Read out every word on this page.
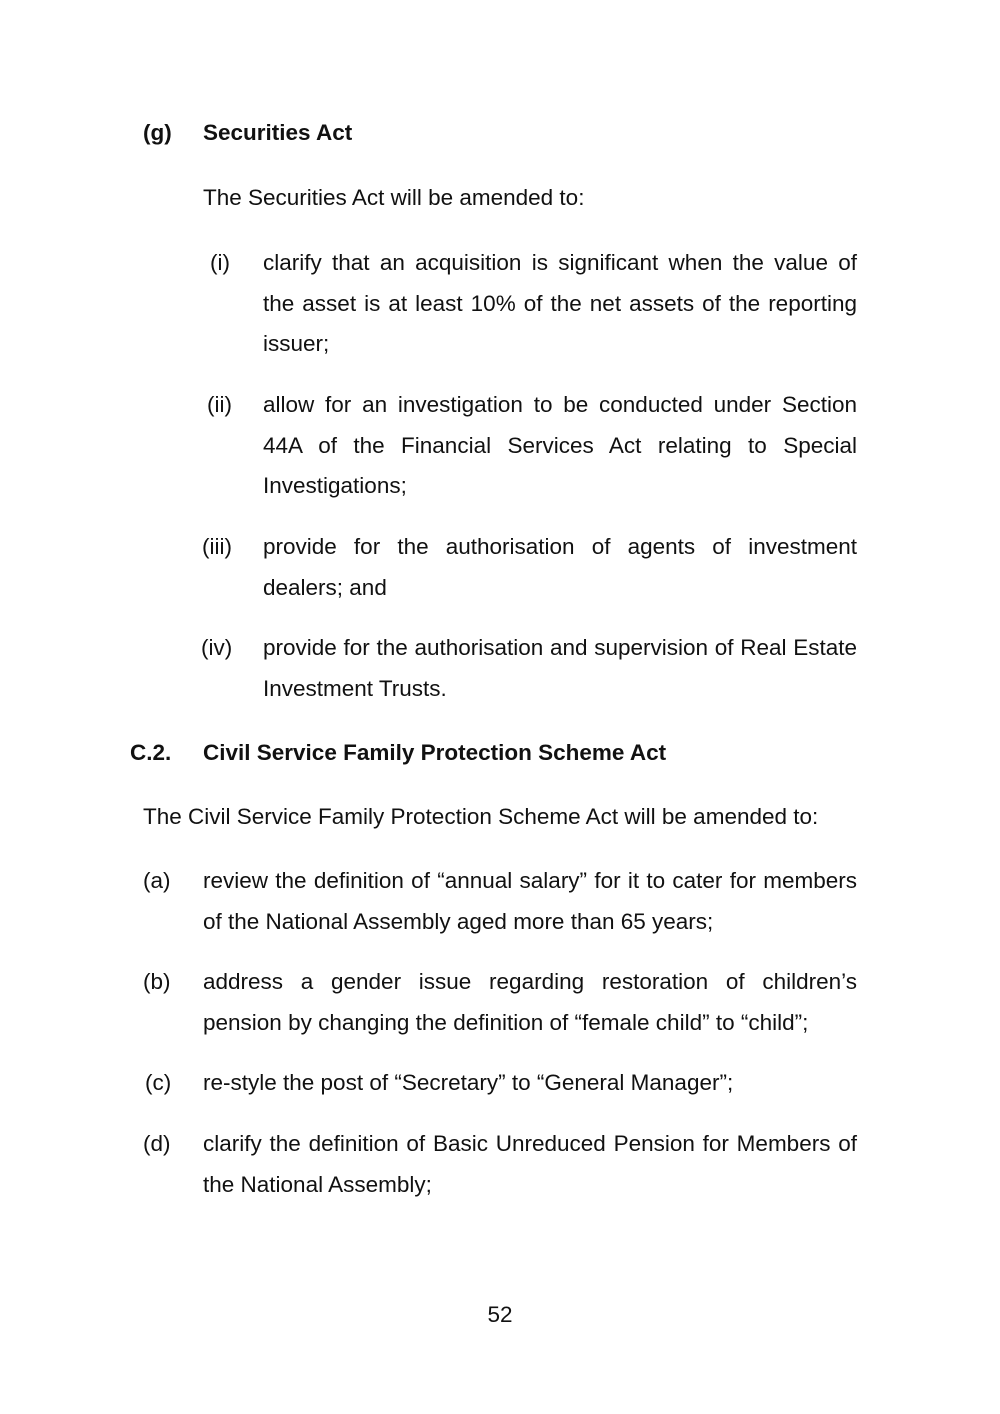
(g) Securities Act
The Securities Act will be amended to:
(i) clarify that an acquisition is significant when the value of the asset is at least 10% of the net assets of the reporting issuer;
(ii) allow for an investigation to be conducted under Section 44A of the Financial Services Act relating to Special Investigations;
(iii) provide for the authorisation of agents of investment dealers; and
(iv) provide for the authorisation and supervision of Real Estate Investment Trusts.
C.2. Civil Service Family Protection Scheme Act
The Civil Service Family Protection Scheme Act will be amended to:
(a) review the definition of “annual salary” for it to cater for members of the National Assembly aged more than 65 years;
(b) address a gender issue regarding restoration of children’s pension by changing the definition of “female child” to “child”;
(c) re-style the post of “Secretary” to “General Manager”;
(d) clarify the definition of Basic Unreduced Pension for Members of the National Assembly;
52
